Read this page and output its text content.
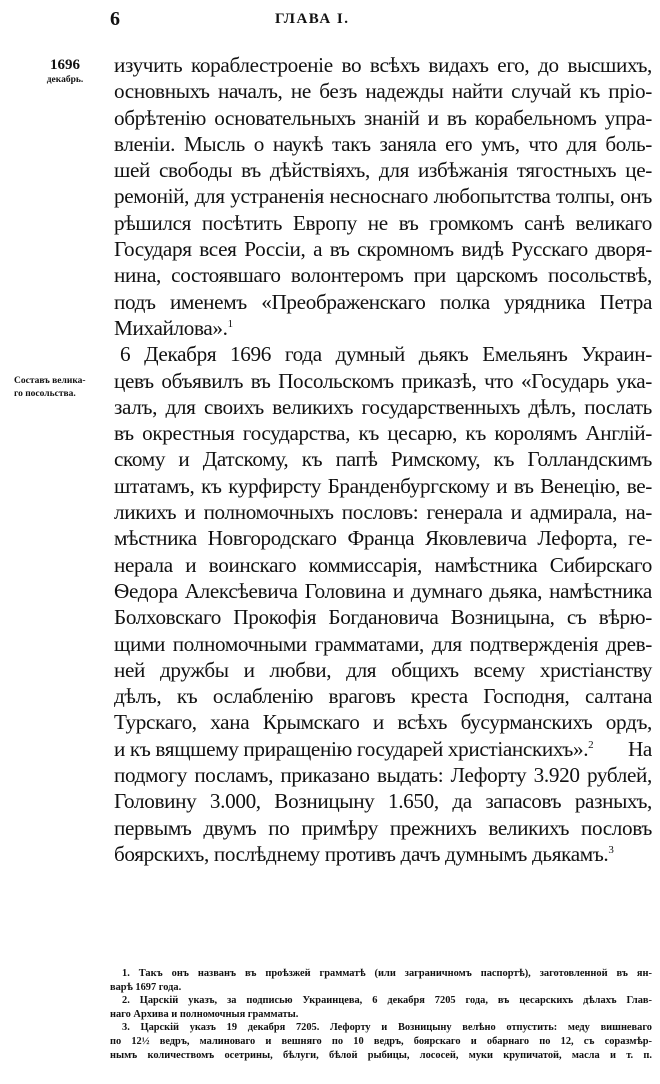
6	ГЛАВА I.
1696
декабрь.
Составъ велика-
го посольства.
изучить кораблестроеніе во всѣхъ видахъ его, до высшихъ,
основныхъ началъ, не безъ надежды найти случай къ пріо-
обрѣтенію основательныхъ знаній и въ корабельномъ упра-
вленіи. Мысль о наукѣ такъ заняла его умъ, что для боль-
шей свободы въ дѣйствіяхъ, для избѣжанія тягостныхъ це-
ремоній, для устраненія несноснаго любопытства толпы, онъ
рѣшился посѣтить Европу не въ громкомъ санѣ великаго
Государя всея Россіи, а въ скромномъ видѣ Русскаго дворя-
нина, состоявшаго волонтеромъ при царскомъ посольствѣ,
подъ именемъ «Преображенскаго полка урядника Петра
Михайлова».$^1$
6 Декабря 1696 года думный дьякъ Емельянъ Украин-
цевъ объявилъ въ Посольскомъ приказѣ, что «Государь ука-
залъ, для своихъ великихъ государственныхъ дѣлъ, послать
въ окрестныя государства, къ цесарю, къ королямъ Англій-
скому и Датскому, къ папѣ Римскому, къ Голландскимъ
штатамъ, къ курфирсту Бранденбургскому и въ Венецію, ве-
ликихъ и полномочныхъ пословъ: генерала и адмирала, на-
мѣстника Новгородскаго Франца Яковлевича Лефорта, ге-
нерала и воинскаго коммиссарія, намѣстника Сибирскаго
Ѳедора Алексѣевича Головина и думнаго дьяка, намѣстника
Болховскаго Прокофія Богдановича Возницына, съ вѣрю-
щими полномочными грамматами, для подтвержденія древ-
ней дружбы и любви, для общихъ всему христіанству
дѣлъ, къ ослабленію враговъ креста Господня, салтана
Турскаго, хана Крымскаго и всѣхъ бусурманскихъ ордъ,
и къ вящшему приращенію государей христіанскихъ».$^2$ На
подмогу посламъ, приказано выдать: Лефорту 3.920 рублей,
Головину 3.000, Возницыну 1.650, да запасовъ разныхъ,
первымъ двумъ по примѣру прежнихъ великихъ пословъ
боярскихъ, послѣднему противъ дачъ думнымъ дьякамъ.$^3$
1. Такъ онъ названъ въ проѣзжей грамматѣ (или заграничномъ паспортѣ), заготовленной въ ян-
варѣ 1697 года.
2. Царскій указъ, за подписью Украинцева, 6 декабря 7205 года, въ цесарскихъ дѣлахъ Глав-
наго Архива и полномочныя грамматы.
3. Царскій указъ 19 декабря 7205. Лефорту и Возницыну велѣно отпустить: меду вишневаго
по 12½ ведръ, малиноваго и вешняго по 10 ведръ, боярскаго и обарнаго по 12, съ соразмѣр-
нымъ количествомъ осетрины, бѣлуги, бѣлой рыбицы, лососей, муки крупичатой, масла и т. п.
